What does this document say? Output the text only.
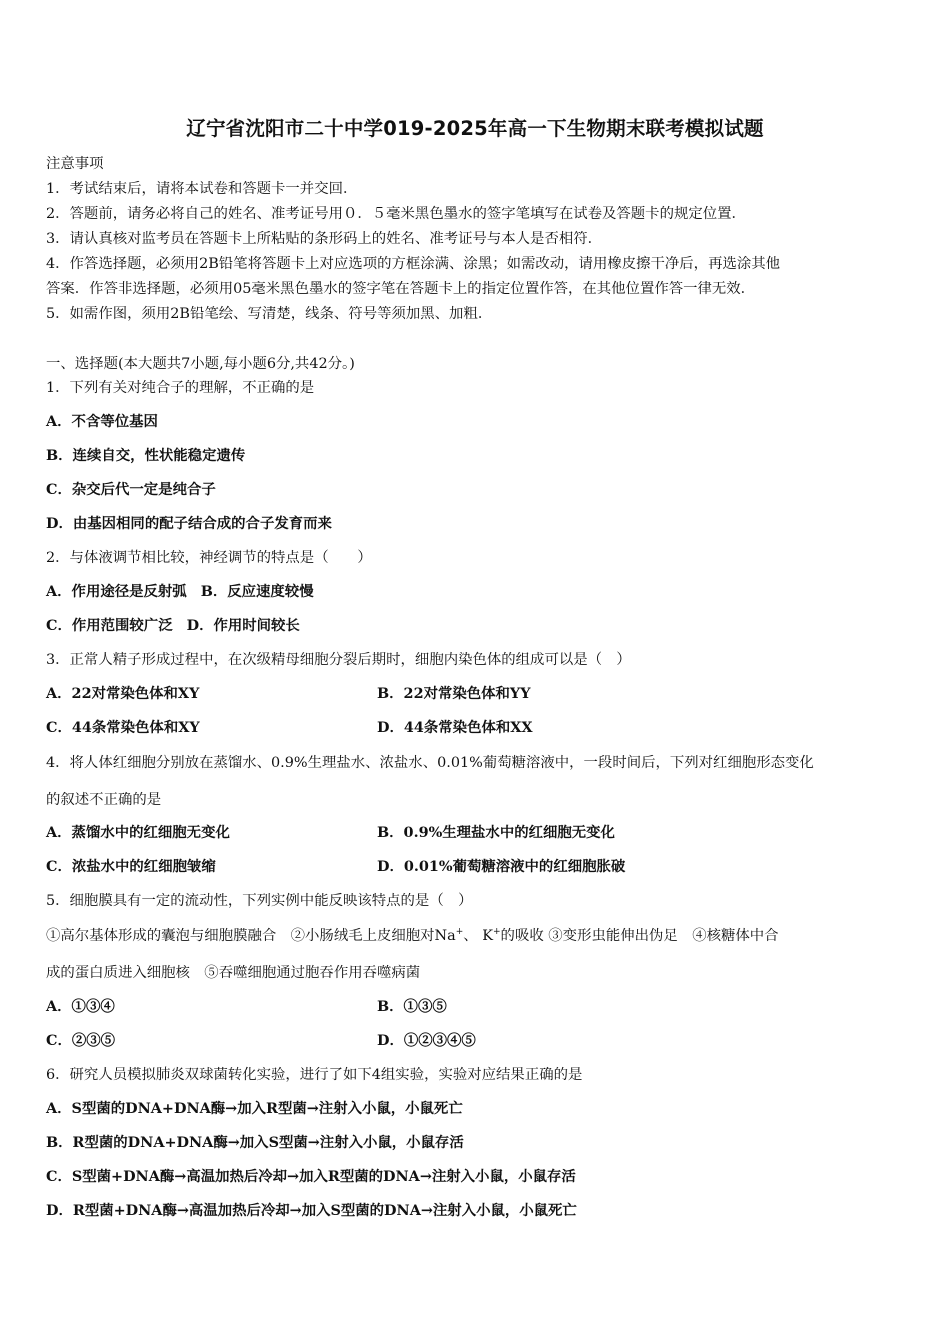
辽宁省沈阳市二十中学019-2025年高一下生物期末联考模拟试题
注意事项
1．考试结束后，请将本试卷和答题卡一并交回．
2．答题前，请务必将自己的姓名、准考证号用０．５毫米黑色墨水的签字笔填写在试卷及答题卡的规定位置．
3．请认真核对监考员在答题卡上所粘贴的条形码上的姓名、准考证号与本人是否相符．
4．作答选择题，必须用2B铅笔将答题卡上对应选项的方框涂满、涂黑；如需改动，请用橡皮擦干净后，再选涂其他
答案．作答非选择题，必须用05毫米黑色墨水的签字笔在答题卡上的指定位置作答，在其他位置作答一律无效．
5．如需作图，须用2B铅笔绘、写清楚，线条、符号等须加黑、加粗．
一、选择题(本大题共7小题,每小题6分,共42分。)
1．下列有关对纯合子的理解，不正确的是
A．不含等位基因
B．连续自交，性状能稳定遗传
C．杂交后代一定是纯合子
D．由基因相同的配子结合成的合子发育而来
2．与体液调节相比较，神经调节的特点是（　　）
A．作用途径是反射弧 B．反应速度较慢
C．作用范围较广泛 D．作用时间较长
3．正常人精子形成过程中，在次级精母细胞分裂后期时，细胞内染色体的组成可以是（　）
A．22对常染色体和XY	B．22对常染色体和YY
C．44条常染色体和XY	D．44条常染色体和XX
4．将人体红细胞分别放在蒸馏水、0.9%生理盐水、浓盐水、0.01%葡萄糖溶液中，一段时间后，下列对红细胞形态变化
的叙述不正确的是
A．蒸馏水中的红细胞无变化	B．0.9%生理盐水中的红细胞无变化
C．浓盐水中的红细胞皱缩	D．0.01%葡萄糖溶液中的红细胞胀破
5．细胞膜具有一定的流动性，下列实例中能反映该特点的是（　）
①高尔基体形成的囊泡与细胞膜融合　②小肠绒毛上皮细胞对Na+、 K+的吸收 ③变形虫能伸出伪足　④核糖体中合
成的蛋白质进入细胞核　⑤吞噬细胞通过胞吞作用吞噬病菌
A．①③④	B．①③⑤
C．②③⑤	D．①②③④⑤
6．研究人员模拟肺炎双球菌转化实验，进行了如下4组实验，实验对应结果正确的是
A．S型菌的DNA+DNA酶→加入R型菌→注射入小鼠，小鼠死亡
B．R型菌的DNA+DNA酶→加入S型菌→注射入小鼠，小鼠存活
C．S型菌+DNA酶→高温加热后冷却→加入R型菌的DNA→注射入小鼠，小鼠存活
D．R型菌+DNA酶→高温加热后冷却→加入S型菌的DNA→注射入小鼠，小鼠死亡
